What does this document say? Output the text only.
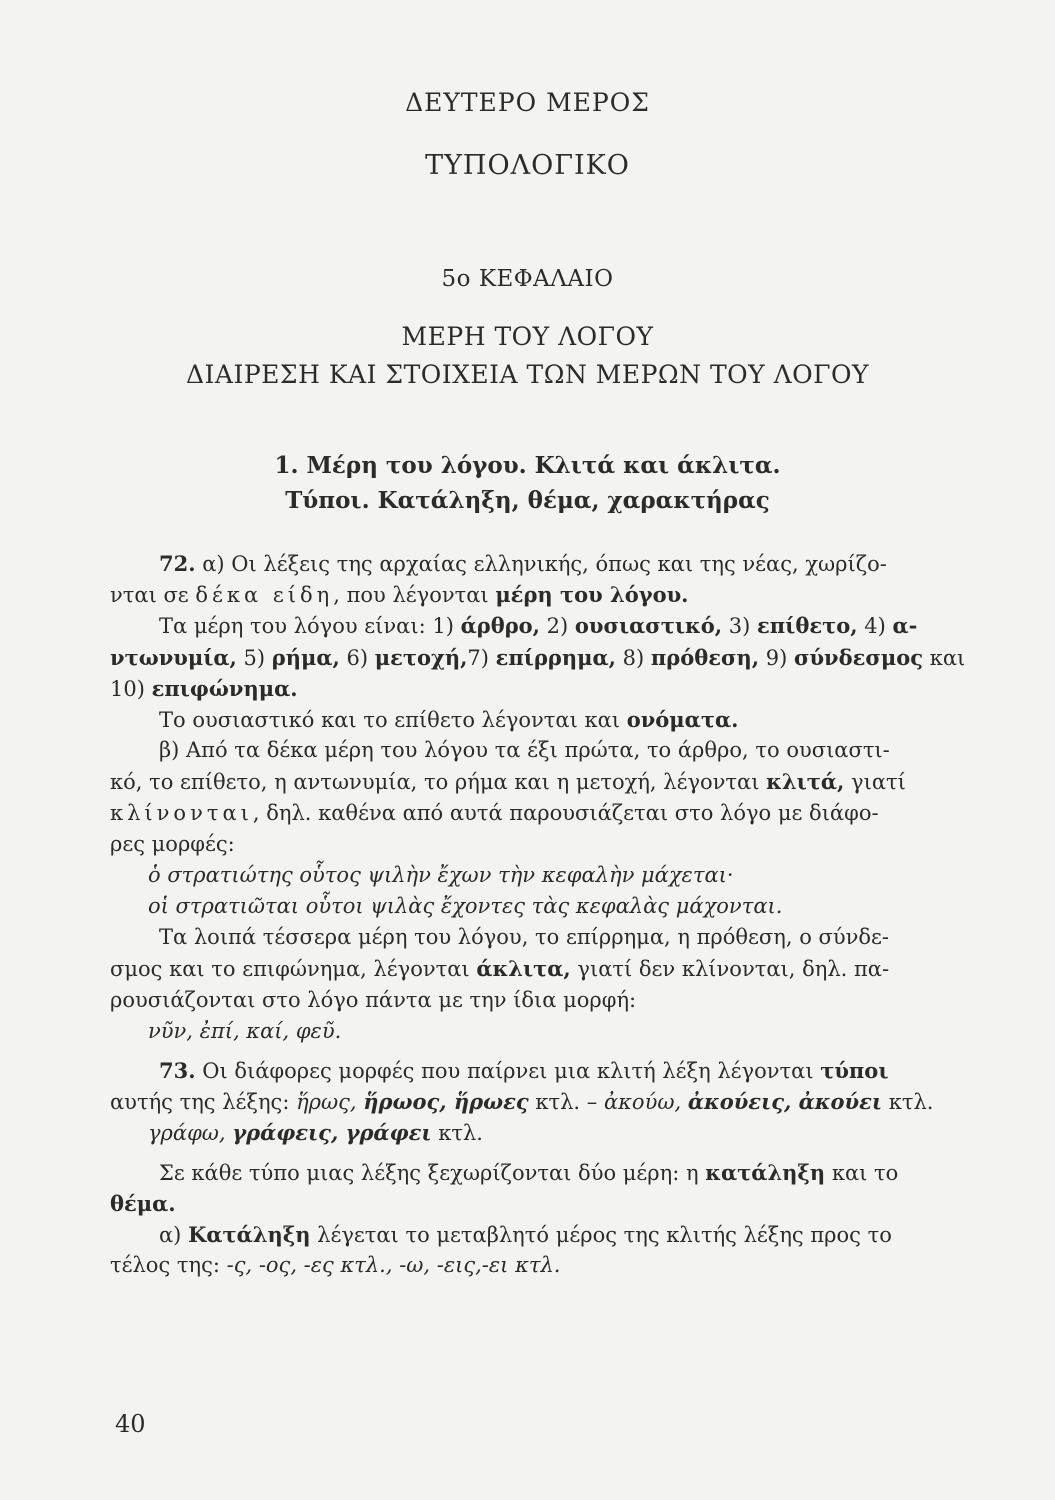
ΔΕΥΤΕΡΟ ΜΕΡΟΣ
ΤΥΠΟΛΟΓΙΚΟ
5ο ΚΕΦΑΛΑΙΟ
ΜΕΡΗ ΤΟΥ ΛΟΓΟΥ
ΔΙΑΙΡΕΣΗ ΚΑΙ ΣΤΟΙΧΕΙΑ ΤΩΝ ΜΕΡΩΝ ΤΟΥ ΛΟΓΟΥ
1. Μέρη του λόγου. Κλιτά και άκλιτα.
Τύποι. Κατάληξη, θέμα, χαρακτήρας
72. α) Οι λέξεις της αρχαίας ελληνικής, όπως και της νέας, χωρίζο-
νται σε δέκα είδη, που λέγονται μέρη του λόγου.
Τα μέρη του λόγου είναι: 1) άρθρο, 2) ουσιαστικό, 3) επίθετο, 4) α-
ντωνυμία, 5) ρήμα, 6) μετοχή,7) επίρρημα, 8) πρόθεση, 9) σύνδεσμος και
10) επιφώνημα.
Το ουσιαστικό και το επίθετο λέγονται και ονόματα.
β) Από τα δέκα μέρη του λόγου τα έξι πρώτα, το άρθρο, το ουσιαστι-
κό, το επίθετο, η αντωνυμία, το ρήμα και η μετοχή, λέγονται κλιτά, γιατί
κλίνονται, δηλ. καθένα από αυτά παρουσιάζεται στο λόγο με διάφο-
ρες μορφές:
ὁ στρατιώτης οὗτος ψιλὴν ἔχων τὴν κεφαλὴν μάχεται·
οἱ στρατιῶται οὗτοι ψιλὰς ἔχοντες τὰς κεφαλὰς μάχονται.
Τα λοιπά τέσσερα μέρη του λόγου, το επίρρημα, η πρόθεση, ο σύνδε-
σμος και το επιφώνημα, λέγονται άκλιτα, γιατί δεν κλίνονται, δηλ. πα-
ρουσιάζονται στο λόγο πάντα με την ίδια μορφή:
νῦν, ἐπί, καί, φεῦ.
73. Οι διάφορες μορφές που παίρνει μια κλιτή λέξη λέγονται τύποι
αυτής της λέξης: ἥρως, ἥρωος, ἥρωες κτλ. – ἀκούω, ἀκούεις, ἀκούει κτλ.
γράφω, γράφεις, γράφει κτλ.
Σε κάθε τύπο μιας λέξης ξεχωρίζονται δύο μέρη: η κατάληξη και το
θέμα.
α) Κατάληξη λέγεται το μεταβλητό μέρος της κλιτής λέξης προς το
τέλος της: -ς, -ος, -ες κτλ., -ω, -εις,-ει κτλ.
40
